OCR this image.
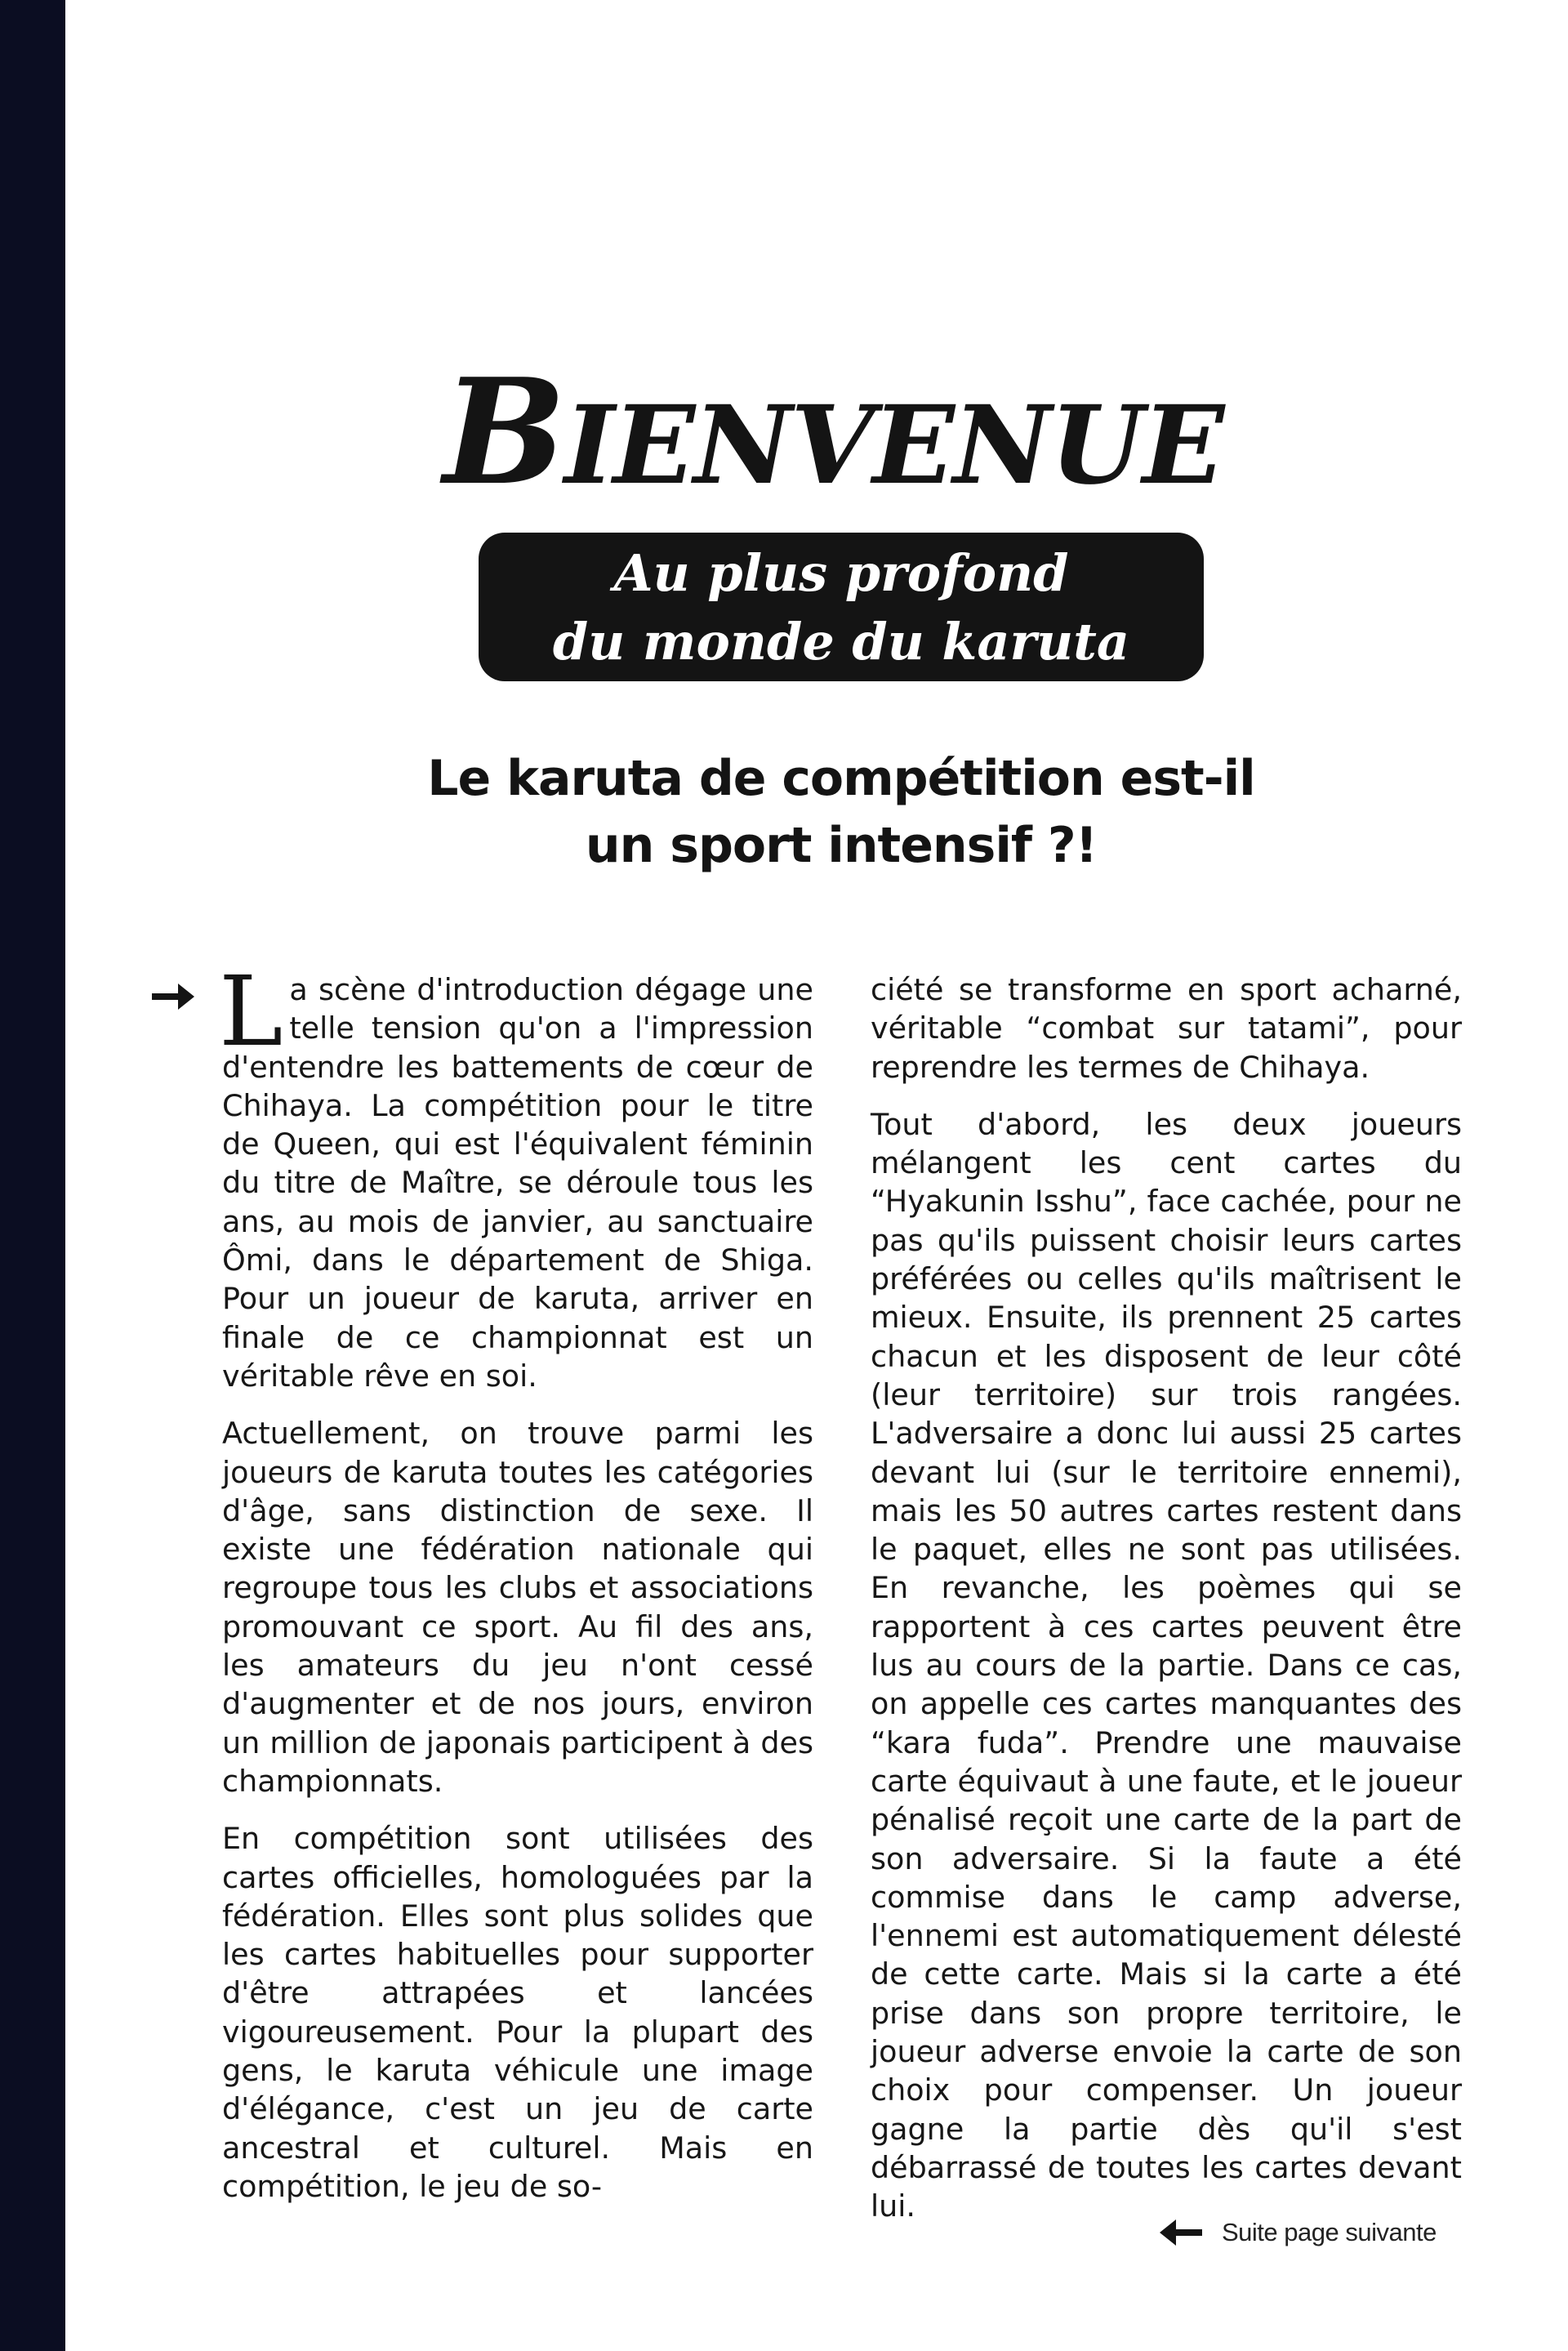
BIENVENUE
Au plus profond
du monde du karuta
Le karuta de compétition est-il
un sport intensif ?!

La scène d'introduction dégage une telle tension qu'on a l'impression d'entendre les battements de cœur de Chihaya. La compétition pour le titre de Queen, qui est l'équivalent féminin du titre de Maître, se déroule tous les ans, au mois de janvier, au sanctuaire Ômi, dans le département de Shiga. Pour un joueur de karuta, arriver en finale de ce championnat est un véritable rêve en soi.

Actuellement, on trouve parmi les joueurs de karuta toutes les catégories d'âge, sans distinction de sexe. Il existe une fédération nationale qui regroupe tous les clubs et associations promouvant ce sport. Au fil des ans, les amateurs du jeu n'ont cessé d'augmenter et de nos jours, environ un million de japonais participent à des championnats.

En compétition sont utilisées des cartes officielles, homologuées par la fédération. Elles sont plus solides que les cartes habituelles pour supporter d'être attrapées et lancées vigoureusement. Pour la plupart des gens, le karuta véhicule une image d'élégance, c'est un jeu de carte ancestral et culturel. Mais en compétition, le jeu de so-

ciété se transforme en sport acharné, véritable “combat sur tatami”, pour reprendre les termes de Chihaya.

Tout d'abord, les deux joueurs mélangent les cent cartes du “Hyakunin Isshu”, face cachée, pour ne pas qu'ils puissent choisir leurs cartes préférées ou celles qu'ils maîtrisent le mieux. Ensuite, ils prennent 25 cartes chacun et les disposent de leur côté (leur territoire) sur trois rangées. L'adversaire a donc lui aussi 25 cartes devant lui (sur le territoire ennemi), mais les 50 autres cartes restent dans le paquet, elles ne sont pas utilisées. En revanche, les poèmes qui se rapportent à ces cartes peuvent être lus au cours de la partie. Dans ce cas, on appelle ces cartes manquantes des “kara fuda”. Prendre une mauvaise carte équivaut à une faute, et le joueur pénalisé reçoit une carte de la part de son adversaire. Si la faute a été commise dans le camp adverse, l'ennemi est automatiquement délesté de cette carte. Mais si la carte a été prise dans son propre territoire, le joueur adverse envoie la carte de son choix pour compenser. Un joueur gagne la partie dès qu'il s'est débarrassé de toutes les cartes devant lui.

Suite page suivante
